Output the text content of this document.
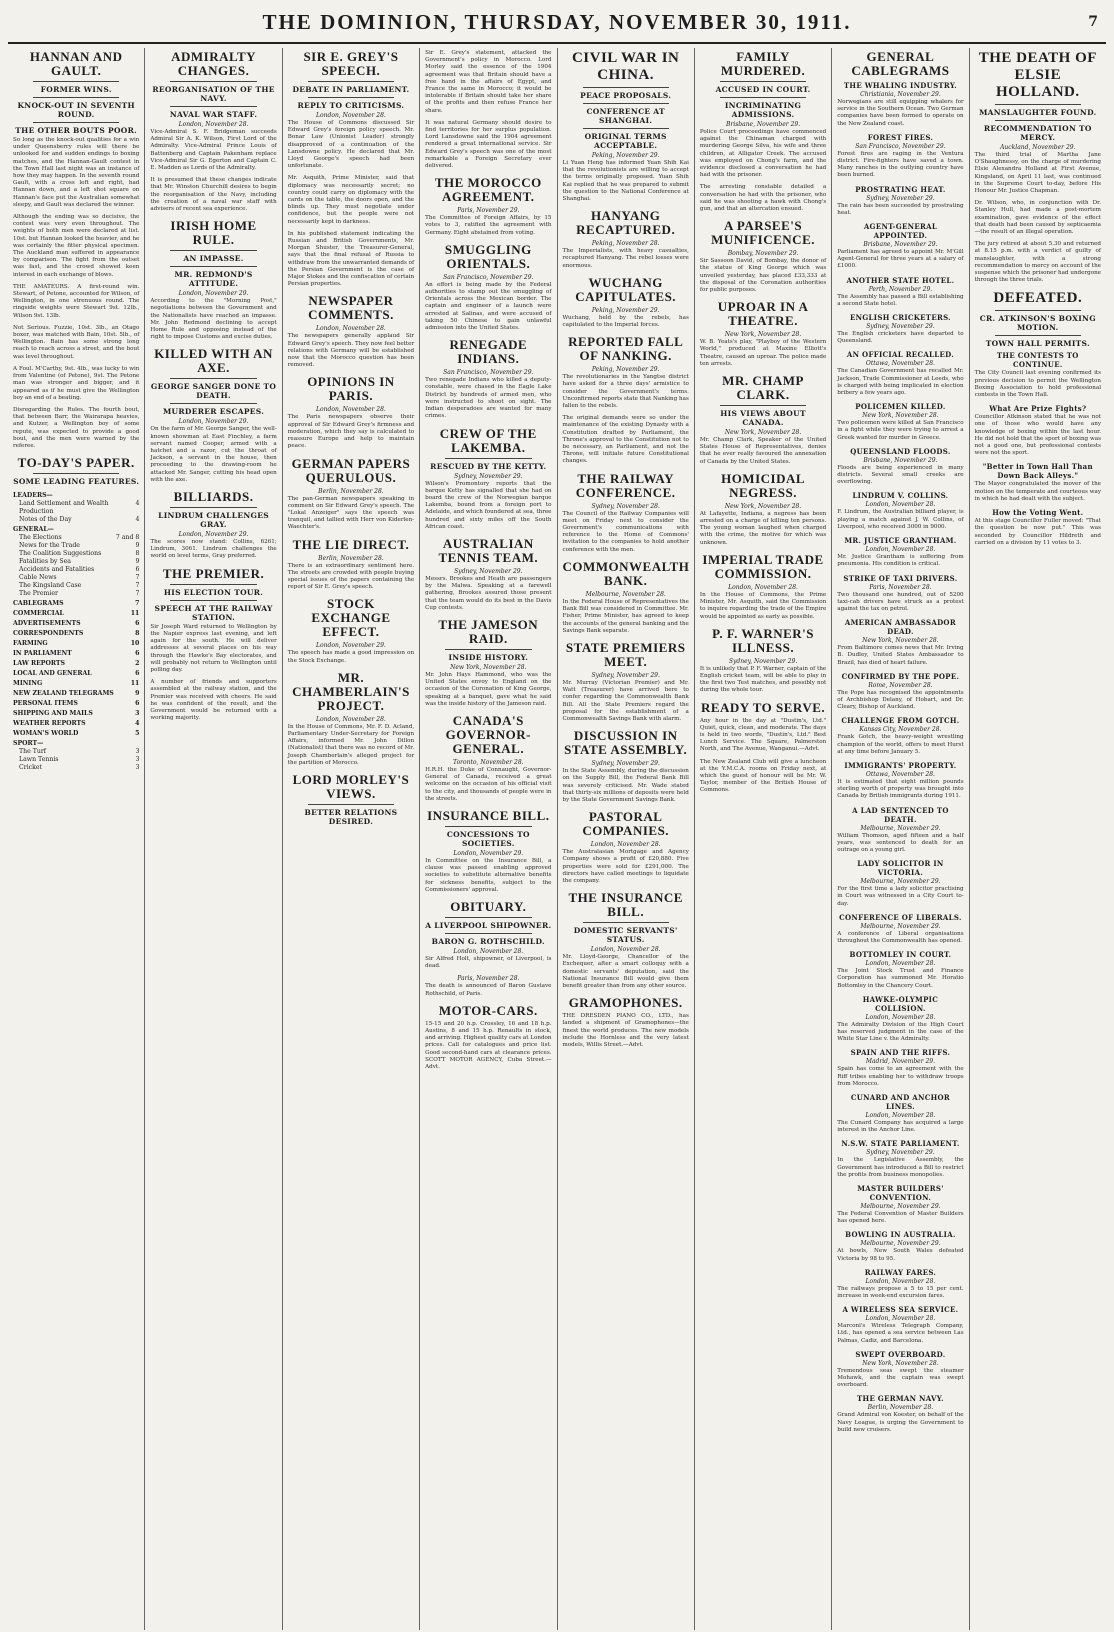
THE DOMINION, THURSDAY, NOVEMBER 30, 1911.	7
HANNAN AND GAULT.
FORMER WINS.
KNOCK-OUT IN SEVENTH ROUND.
THE OTHER BOUTS POOR.

So long as the knock-out qualities for a win under Queensberry rules will there be unlooked for and sudden endings to boxing matches, and the Hannan-Gault contest in the Town Hall last night was an instance of how they may happen. In the seventh round Gault, with a cross left and right, had Hannan down, and a left shot square on Hannan's face put the Australian somewhat sleepy, and Gault was declared the winner.

Although the ending was so decisive, the contest was very even throughout. The weights of both men were declared at list. 10st. but Hannan looked the heavier, and he was certainly the fitter physical specimen. The Auckland man suffered in appearance by comparison. The fight from the outset was fast, and the crowd showed keen interest in each exchange of blows.

THE AMATEURS. A first-round win. Stewart, of Petone, accounted for Wilson, of Wellington, in one strenuous round. The ringside weights were Stewart 9st. 12lb., Wilson 9st. 13lb.

Not Serious. Fuzzie, 10st. 3lb., an Otago boxer, was matched with Bain, 10st. 5lb., of Wellington. Bain has some strong long reach to reach across a street, and the bout was level throughout.

A Foul. M'Carthy, 9st. 4lb., was lucky to win from Valentine (of Petone), 9st. The Petone man was stronger and bigger, and it appeared as if he must give the Wellington boy an end of a beating.

Disregarding the Rules. The fourth bout, that between Barr, the Wairarapa heavies, and Kutzer, a Wellington boy of some repute, was expected to provide a good bout, and the men were warned by the referee.

TO-DAY'S PAPER.
SOME LEADING FEATURES.
LEADERS—
Land Settlement and Wealth Production
4
Notes of the Day	4
GENERAL—
The Elections	7 and 8
News for the Trade	9
The Coalition Suggestions	8
Fatalities by Sea	9
Accidents and Fatalities	6
Cable News	7
The Kingsland Case	7
The Premier	7
CABLEGRAMS	7
COMMERCIAL	11
ADVERTISEMENTS	6
CORRESPONDENTS	8
FARMING	10
IN PARLIAMENT	6
LAW REPORTS	2
LOCAL AND GENERAL	6
MINING	11
NEW ZEALAND TELEGRAMS	9
PERSONAL ITEMS	6
SHIPPING AND MAILS	3
WEATHER REPORTS	4
WOMAN'S WORLD	5
SPORT—
The Turf	3
Lawn Tennis	3
Cricket	3
ADMIRALTY CHANGES.
REORGANISATION OF THE NAVY.
NAVAL WAR STAFF.
London, November 28.

Vice-Admiral S. F. Bridgeman succeeds Admiral Sir A. K. Wilson, First Lord of the Admiralty. Vice-Admiral Prince Louis of Battenberg and Captain Pakenham replace Vice-Admiral Sir G. Egerton and Captain C. E. Madden as Lords of the Admiralty.

It is presumed that these changes indicate that Mr. Winston Churchill desires to begin the reorganisation of the Navy, including the creation of a naval war staff with advisers of recent sea experience.

IRISH HOME RULE.
AN IMPASSE.
MR. REDMOND'S ATTITUDE.
London, November 29.

According to the "Morning Post," negotiations between the Government and the Nationalists have reached an impasse. Mr. John Redmond declining to accept Home Rule and opposing instead of the right to impose Customs and excise duties.

KILLED WITH AN AXE.
GEORGE SANGER DONE TO DEATH.
MURDERER ESCAPES.
London, November 29.

On the farm of Mr. George Sanger, the well-known showman at East Finchley, a farm servant named Cooper, armed with a hatchet and a razor, cut the throat of Jackson, a servant in the house, then proceeding to the drawing-room he attacked Mr. Sanger, cutting his head open with the axe.

BILLIARDS.
LINDRUM CHALLENGES GRAY.
London, November 29.

The scores now stand: Collins, 6261; Lindrum, 3061. Lindrum challenges the world on level terms, Gray preferred.

THE PREMIER.
HIS ELECTION TOUR.
SPEECH AT THE RAILWAY STATION.

Sir Joseph Ward returned to Wellington by the Napier express last evening, and left again for the south. He will deliver addresses at several places on his way through the Hawke's Bay electorates, and will probably not return to Wellington until polling day.

A number of friends and supporters assembled at the railway station, and the Premier was received with cheers. He said he was confident of the result, and the Government would be returned with a working majority.

SIR E. GREY'S SPEECH.
DEBATE IN PARLIAMENT.
REPLY TO CRITICISMS.
London, November 28.

The House of Commons discussed Sir Edward Grey's foreign policy speech. Mr. Bonar Law (Unionist Leader) strongly disapproved of a continuation of the Lansdowne policy. He declared that Mr. Lloyd George's speech had been unfortunate.

Mr. Asquith, Prime Minister, said that diplomacy was necessarily secret; no country could carry on diplomacy with the cards on the table, the doors open, and the blinds up. They must negotiate under confidence, but the people were not necessarily kept in darkness.

In his published statement indicating the Russian and British Governments, Mr. Morgan Shuster, the Treasurer-General, says that the final refusal of Russia to withdraw from the unwarranted demands of the Persian Government is the case of Major Stokes and the confiscation of certain Persian properties.

NEWSPAPER COMMENTS.
London, November 28.

The newspapers generally applaud Sir Edward Grey's speech. They now feel better relations with Germany will be established now that the Morocco question has been removed.

OPINIONS IN PARIS.
London, November 28.

The Paris newspapers observe their approval of Sir Edward Grey's firmness and moderation, which they say is calculated to reassure Europe and help to maintain peace.

GERMAN PAPERS QUERULOUS.
Berlin, November 28.

The pan-German newspapers speaking in comment on Sir Edward Grey's speech. The "Lokal Anzeiger" says the speech was tranquil, and tallied with Herr von Kiderlen-Waechter's.

THE LIE DIRECT.
Berlin, November 28.

There is an extraordinary sentiment here. The streets are crowded with people buying special issues of the papers containing the report of Sir E. Grey's speech.

STOCK EXCHANGE EFFECT.
London, November 29.

The speech has made a good impression on the Stock Exchange.

MR. CHAMBERLAIN'S PROJECT.
London, November 28.

In the House of Commons, Mr. F. D. Acland, Parliamentary Under-Secretary for Foreign Affairs, informed Mr. John Dillon (Nationalist) that there was no record of Mr. Joseph Chamberlain's alleged project for the partition of Morocco.

LORD MORLEY'S VIEWS.
BETTER RELATIONS DESIRED.

Sir E. Grey's statement, attacked the Government's policy in Morocco. Lord Morley said the essence of the 1904 agreement was that Britain should have a free hand in the affairs of Egypt, and France the same in Morocco; it would be intolerable if Britain should take her share of the profits and then refuse France her share.

It was natural Germany should desire to find territories for her surplus population. Lord Lansdowne said the 1904 agreement rendered a great international service. Sir Edward Grey's speech was one of the most remarkable a Foreign Secretary ever delivered.

THE MOROCCO AGREEMENT.
Paris, November 29.

The Committee of Foreign Affairs, by 15 votes to 3, ratified the agreement with Germany. Eight abstained from voting.

SMUGGLING ORIENTALS.
San Francisco, November 29.

An effort is being made by the Federal authorities to stamp out the smuggling of Orientals across the Mexican border. The captain and engineer of a launch were arrested at Salinas, and were accused of taking 50 Chinese to gain unlawful admission into the United States.

RENEGADE INDIANS.
San Francisco, November 29.

Two renegade Indians who killed a deputy-constable, were chased in the Eagle Lake District by hundreds of armed men, who were instructed to shoot on sight. The Indian desperadoes are wanted for many crimes.

CREW OF THE LAKEMBA.
RESCUED BY THE KETTY.
Sydney, November 29.

Wilson's Promontory reports that the barque Ketty has signalled that she had on board the crew of the Norwegian barque Lakemba, bound from a foreign port to Adelaide, and which foundered at sea, three hundred and sixty miles off the South African coast.

AUSTRALIAN TENNIS TEAM.
Sydney, November 29.

Messrs. Brookes and Heath are passengers by the Malwa. Speaking at a farewell gathering, Brookes assured those present that the team would do its best in the Davis Cup contests.

THE JAMESON RAID.
INSIDE HISTORY.
New York, November 28.

Mr. John Hays Hammond, who was the United States envoy to England on the occasion of the Coronation of King George, speaking at a banquet, gave what he said was the inside history of the Jameson raid.

CANADA'S GOVERNOR-GENERAL.
Toronto, November 28.

H.R.H. the Duke of Connaught, Governor-General of Canada, received a great welcome on the occasion of his official visit to the city, and thousands of people were in the streets.

INSURANCE BILL.
CONCESSIONS TO SOCIETIES.
London, November 29.

In Committee on the Insurance Bill, a clause was passed enabling approved societies to substitute alternative benefits for sickness benefits, subject to the Commissioners' approval.

OBITUARY.
A LIVERPOOL SHIPOWNER.
BARON G. ROTHSCHILD.
London, November 28.

Sir Alfred Holt, shipowner, of Liverpool, is dead.

Paris, November 28.

The death is announced of Baron Gustave Rothschild, of Paris.

MOTOR-CARS.

15-15 and 20 h.p. Crossley, 16 and 18 h.p. Austins, 8 and 15 h.p. Renaults in stock, and arriving. Highest quality cars at London prices. Call for catalogues and price list. Good second-hand cars at clearance prices. SCOTT MOTOR AGENCY, Cuba Street.—Advt.

CIVIL WAR IN CHINA.
PEACE PROPOSALS.
CONFERENCE AT SHANGHAI.
ORIGINAL TERMS ACCEPTABLE.
Peking, November 29.

Li Yuan Heng has informed Yuan Shih Kai that the revolutionists are willing to accept the terms originally proposed. Yuan Shih Kai replied that he was prepared to submit the question to the National Conference at Shanghai.

HANYANG RECAPTURED.
Peking, November 28.

The Imperialists, with heavy casualties, recaptured Hanyang. The rebel losses were enormous.

WUCHANG CAPITULATES.
Peking, November 29.

Wuchang, held by the rebels, has capitulated to the Imperial forces.

REPORTED FALL OF NANKING.
Peking, November 29.

The revolutionaries in the Yangtse district have asked for a three days' armistice to consider the Government's terms. Unconfirmed reports state that Nanking has fallen to the rebels.

The original demands were so under the maintenance of the existing Dynasty with a Constitution drafted by Parliament, the Throne's approval to the Constitution not to be necessary, an Parliament, and not the Throne, will initiate future Constitutional changes.

THE RAILWAY CONFERENCE.
Sydney, November 28.

The Council of the Railway Companies will meet on Friday next to consider the Government's communications with reference to the Home of Commons' invitation to the companies to hold another conference with the men.

COMMONWEALTH BANK.
Melbourne, November 28.

In the Federal House of Representatives the Bank Bill was considered in Committee. Mr. Fisher, Prime Minister, has agreed to keep the accounts of the general banking and the Savings Bank separate.

STATE PREMIERS MEET.
Sydney, November 29.

Mr. Murray (Victorian Premier) and Mr. Watt (Treasurer) have arrived here to confer regarding the Commonwealth Bank Bill. All the State Premiers regard the proposal for the establishment of a Commonwealth Savings Bank with alarm.

DISCUSSION IN STATE ASSEMBLY.
Sydney, November 29.

In the State Assembly, during the discussion on the Supply Bill, the Federal Bank Bill was severely criticised. Mr. Wade stated that thirty-six millions of deposits were held by the State Government Savings Bank.

PASTORAL COMPANIES.
London, November 28.

The Australasian Mortgage and Agency Company shows a profit of £20,880. Five properties were sold for £291,000. The directors have called meetings to liquidate the company.

THE INSURANCE BILL.
DOMESTIC SERVANTS' STATUS.
London, November 28.

Mr. Lloyd-George, Chancellor of the Exchequer, after a smart colloquy with a domestic servants' deputation, said the National Insurance Bill would give them benefit greater than from any other source.

GRAMOPHONES.

THE DRESDEN PIANO CO., LTD., has landed a shipment of Gramophones—the finest the world produces. The new models include the Hornless and the very latest models, Willis Street.—Advt.

FAMILY MURDERED.
ACCUSED IN COURT.
INCRIMINATING ADMISSIONS.
Brisbane, November 29.

Police Court proceedings have commenced against the Chinaman charged with murdering George Silva, his wife and three children, at Alligator Creek. The accused was employed on Chong's farm, and the evidence disclosed a conversation he had had with the prisoner.

The arresting constable detailed a conversation he had with the prisoner, who said he was shooting a hawk with Chong's gun, and that an altercation ensued.

A PARSEE'S MUNIFICENCE.
Bombay, November 29.

Sir Sassoon David, of Bombay, the donor of the statue of King George which was unveiled yesterday, has placed £33,333 at the disposal of the Coronation authorities for public purposes.

UPROAR IN A THEATRE.
New York, November 28.

W. B. Yeats's play, "Playboy of the Western World," produced at Maxine Elliott's Theatre, caused an uproar. The police made ten arrests.

MR. CHAMP CLARK.
HIS VIEWS ABOUT CANADA.
New York, November 28.

Mr. Champ Clark, Speaker of the United States House of Representatives, denies that he ever really favoured the annexation of Canada by the United States.

HOMICIDAL NEGRESS.
New York, November 28.

At Lafayette, Indiana, a negress has been arrested on a charge of killing ten persons. The young woman laughed when charged with the crime, the motive for which was unknown.

IMPERIAL TRADE COMMISSION.
London, November 28.

In the House of Commons, the Prime Minister, Mr. Asquith, said the Commission to inquire regarding the trade of the Empire would be appointed as early as possible.

P. F. WARNER'S ILLNESS.
Sydney, November 29.

It is unlikely that P. F. Warner, captain of the English cricket team, will be able to play in the first two Test matches, and possibly not during the whole tour.

READY TO SERVE.

Any hour in the day at "Dustin's, Ltd." Quiet, quick, clean, and moderate. The days is held in two words, "Dustin's, Ltd." Best Lunch Service. The Square, Palmerston North, and The Avenue, Wanganui.—Advt.

The New Zealand Club will give a luncheon at the Y.M.C.A. rooms on Friday next, at which the guest of honour will be Mr. W. Taylor, member of the British House of Commons.

GENERAL CABLEGRAMS
THE WHALING INDUSTRY.
Christiania, November 29.

Norwegians are still equipping whalers for service in the Southern Ocean. Two German companies have been formed to operate on the New Zealand coast.

FOREST FIRES.
San Francisco, November 29.

Forest fires are raging in the Ventura district. Fire-fighters have saved a town. Many ranches in the outlying country have been burned.

PROSTRATING HEAT.
Sydney, November 29.

The rain has been succeeded by prostrating heat.

AGENT-GENERAL APPOINTED.
Brisbane, November 29.

Parliament has agreed to appoint Mr. M'Gill Agent-General for three years at a salary of £1000.

ANOTHER STATE HOTEL.
Perth, November 29.

The Assembly has passed a Bill establishing a second State hotel.

ENGLISH CRICKETERS.
Sydney, November 29.

The English cricketers have departed to Queensland.

AN OFFICIAL RECALLED.
Ottawa, November 28.

The Canadian Government has recalled Mr. Jackson, Trade Commissioner at Leeds, who is charged with being implicated in election bribery a few years ago.

POLICEMEN KILLED.
New York, November 28.

Two policemen were killed at San Francisco in a fight while they were trying to arrest a Greek wanted for murder in Greece.

QUEENSLAND FLOODS.
Brisbane, November 29.

Floods are being experienced in many districts. Several small creeks are overflowing.

LINDRUM V. COLLINS.
London, November 28.

F. Lindrum, the Australian billiard player, is playing a match against J. W. Collins, of Liverpool, who received 3000 in 9000.

MR. JUSTICE GRANTHAM.
London, November 28.

Mr. Justice Grantham is suffering from pneumonia. His condition is critical.

STRIKE OF TAXI DRIVERS.
Paris, November 28.

Two thousand one hundred, out of 5200 taxi-cab drivers have struck as a protest against the tax on petrol.

AMERICAN AMBASSADOR DEAD.
New York, November 28.

From Baltimore comes news that Mr. Irving B. Dudley, United States Ambassador to Brazil, has died of heart failure.

CONFIRMED BY THE POPE.
Rome, November 28.

The Pope has recognised the appointments of Archbishop Delany, of Hobart, and Dr. Cleary, Bishop of Auckland.

CHALLENGE FROM GOTCH.
Kansas City, November 28.

Frank Gotch, the heavy-weight wrestling champion of the world, offers to meet Hurst at any time before January 5.

IMMIGRANTS' PROPERTY.
Ottawa, November 28.

It is estimated that eight million pounds sterling worth of property was brought into Canada by British immigrants during 1911.

A LAD SENTENCED TO DEATH.
Melbourne, November 29.

William Thomson, aged fifteen and a half years, was sentenced to death for an outrage on a young girl.

LADY SOLICITOR IN VICTORIA.
Melbourne, November 29.

For the first time a lady solicitor practising in Court was witnessed in a City Court to-day.

CONFERENCE OF LIBERALS.
Melbourne, November 29.

A conference of Liberal organisations throughout the Commonwealth has opened.

BOTTOMLEY IN COURT.
London, November 28.

The Joint Stock Trust and Finance Corporation has summoned Mr. Horatio Bottomley in the Chancery Court.

HAWKE-OLYMPIC COLLISION.
London, November 28.

The Admiralty Division of the High Court has reserved judgment in the case of the White Star Line v. the Admiralty.

SPAIN AND THE RIFFS.
Madrid, November 29.

Spain has come to an agreement with the Riff tribes enabling her to withdraw troops from Morocco.

CUNARD AND ANCHOR LINES.
London, November 28.

The Cunard Company has acquired a large interest in the Anchor Line.

N.S.W. STATE PARLIAMENT.
Sydney, November 29.

In the Legislative Assembly, the Government has introduced a Bill to restrict the profits from business monopolies.

MASTER BUILDERS' CONVENTION.
Melbourne, November 29.

The Federal Convention of Master Builders has opened here.

BOWLING IN AUSTRALIA.
Melbourne, November 29.

At bowls, New South Wales defeated Victoria by 98 to 95.

RAILWAY FARES.
London, November 28.

The railways propose a 5 to 15 per cent. increase in week-end excursion fares.

A WIRELESS SEA SERVICE.
London, November 28.

Marconi's Wireless Telegraph Company, Ltd., has opened a sea service between Las Palmas, Cadiz, and Barcelona.

SWEPT OVERBOARD.
New York, November 28.

Tremendous seas swept the steamer Mohawk, and the captain was swept overboard.

THE GERMAN NAVY.
Berlin, November 28.

Grand Admiral von Koester, on behalf of the Navy League, is urging the Government to build new cruisers.

THE DEATH OF ELSIE HOLLAND.
MANSLAUGHTER FOUND.
RECOMMENDATION TO MERCY.
Auckland, November 29.

The third trial of Martha Jane O'Shaughnessy, on the charge of murdering Elsie Alexandra Holland at First Avenue, Kingsland, on April 11 last, was continued in the Supreme Court to-day, before His Honour Mr. Justice Chapman.

Dr. Wilson, who, in conjunction with Dr. Stanley Hull, had made a post-mortem examination, gave evidence of the effect that death had been caused by septicaemia—the result of an illegal operation.

The jury retired at about 5.30 and returned at 8.15 p.m. with a verdict of guilty of manslaughter, with a strong recommendation to mercy on account of the suspense which the prisoner had undergone through the three trials.

DEFEATED.
CR. ATKINSON'S BOXING MOTION.
TOWN HALL PERMITS.
THE CONTESTS TO CONTINUE.

The City Council last evening confirmed its previous decision to permit the Wellington Boxing Association to hold professional contests in the Town Hall.

What Are Prize Fights?

Councillor Atkinson stated that he was not one of those who would have any knowledge of boxing within the last hour. He did not hold that the sport of boxing was not a good one, but professional contests were not the sport.

"Better in Town Hall Than Down Back Alleys."

The Mayor congratulated the mover of the motion on the temperate and courteous way in which he had dealt with the subject.

How the Voting Went.

At this stage Councillor Fuller moved: "That the question be now put." This was seconded by Councillor Hildreth and carried on a division by 11 votes to 3.
